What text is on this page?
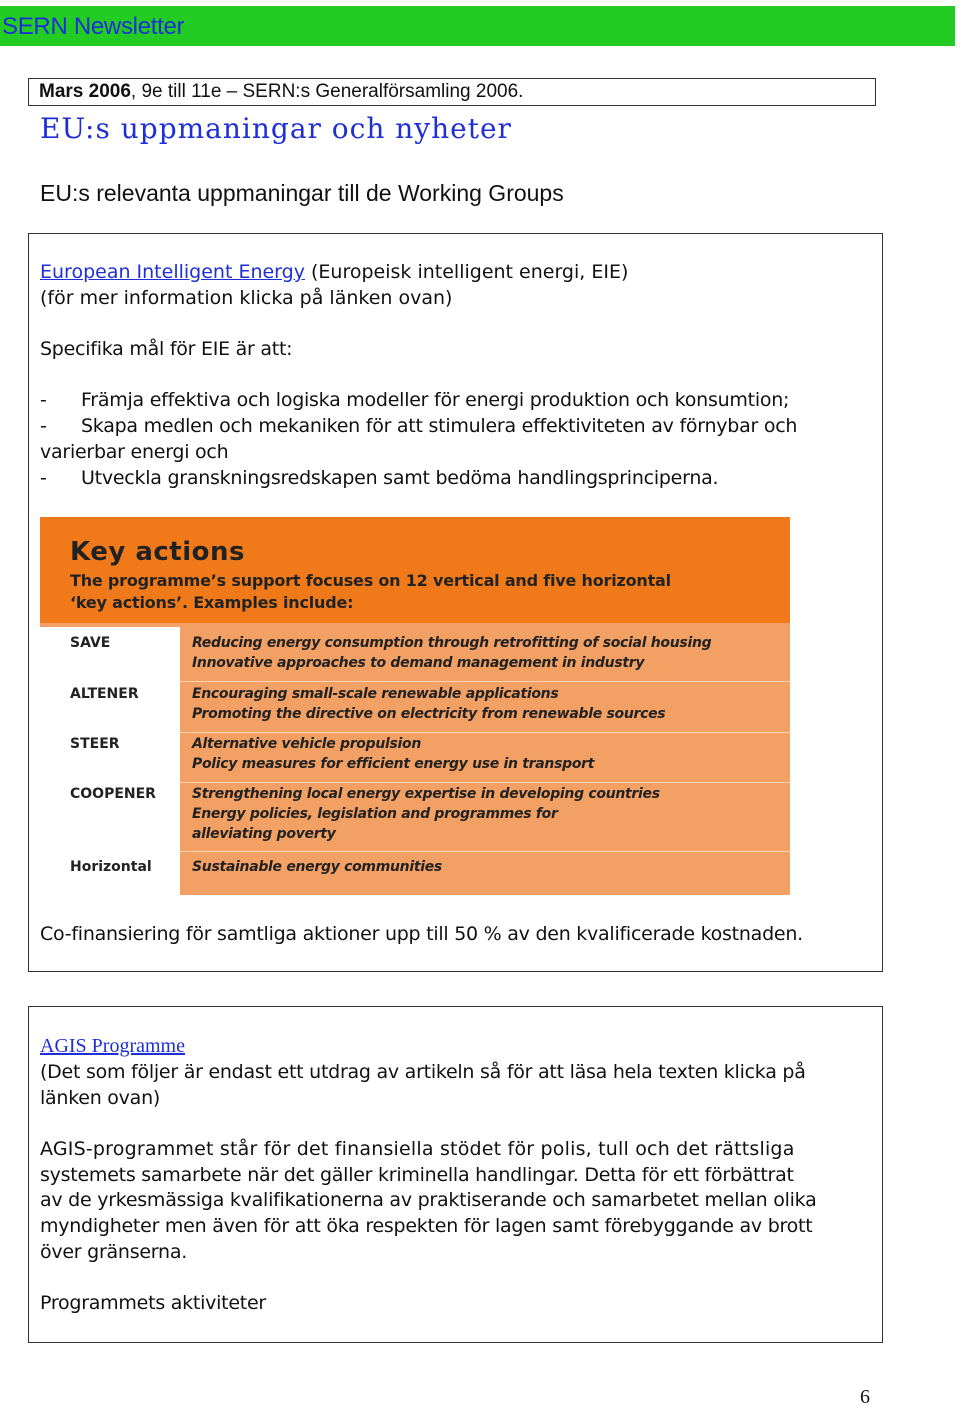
SERN Newsletter
Mars 2006, 9e till 11e – SERN:s Generalförsamling 2006.
EU:s uppmaningar och nyheter
EU:s relevanta uppmaningar till de Working Groups
European Intelligent Energy (Europeisk intelligent energi, EIE)
(för mer information klicka på länken ovan)
Specifika mål för EIE är att:
- Främja effektiva och logiska modeller för energi produktion och konsumtion;
- Skapa medlen och mekaniken för att stimulera effektiviteten av förnybar och
varierbar energi och
- Utveckla granskningsredskapen samt bedöma handlingsprinciperna.
Key actions
The programme’s support focuses on 12 vertical and five horizontal
‘key actions’. Examples include:
SAVE	Reducing energy consumption through retrofitting of social housing
Innovative approaches to demand management in industry
ALTENER	Encouraging small-scale renewable applications
Promoting the directive on electricity from renewable sources
STEER	Alternative vehicle propulsion
Policy measures for efficient energy use in transport
COOPENER	Strengthening local energy expertise in developing countries
Energy policies, legislation and programmes for
alleviating poverty
Horizontal	Sustainable energy communities
Co-finansiering för samtliga aktioner upp till 50 % av den kvalificerade kostnaden.
AGIS Programme
(Det som följer är endast ett utdrag av artikeln så för att läsa hela texten klicka på
länken ovan)
AGIS-programmet står för det finansiella stödet för polis, tull och det rättsliga
systemets samarbete när det gäller kriminella handlingar. Detta för ett förbättrat
av de yrkesmässiga kvalifikationerna av praktiserande och samarbetet mellan olika
myndigheter men även för att öka respekten för lagen samt förebyggande av brott
över gränserna.
Programmets aktiviteter
6
